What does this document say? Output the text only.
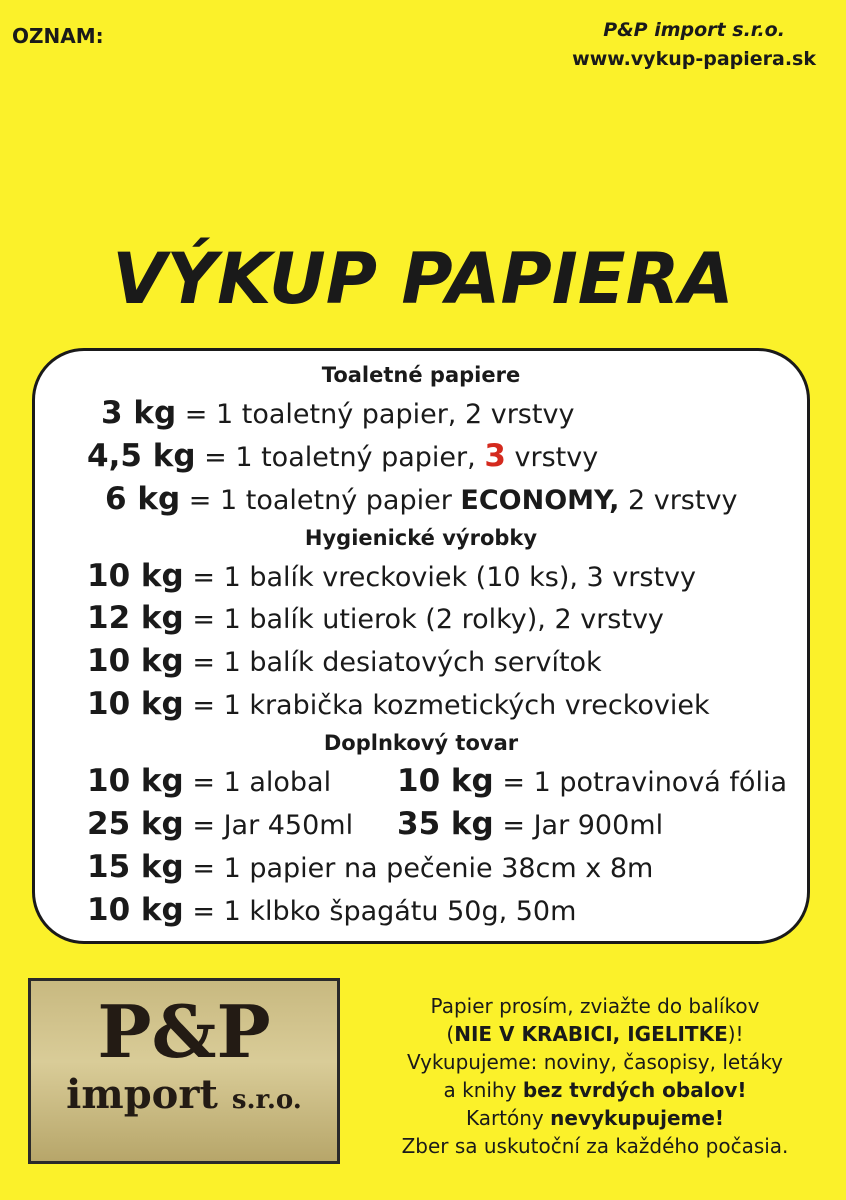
OZNAM:	P&P import s.r.o.
www.vykup-papiera.sk
VÝKUP PAPIERA
Toaletné papiere
3 kg = 1 toaletný papier, 2 vrstvy
4,5 kg = 1 toaletný papier, 3 vrstvy
6 kg = 1 toaletný papier ECONOMY, 2 vrstvy
Hygienické výrobky
10 kg = 1 balík vreckoviek (10 ks), 3 vrstvy
12 kg = 1 balík utierok (2 rolky), 2 vrstvy
10 kg = 1 balík desiatových servítok
10 kg = 1 krabička kozmetických vreckoviek
Doplnkový tovar
10 kg = 1 alobal 10 kg = 1 potravinová fólia
25 kg = Jar 450ml 35 kg = Jar 900ml
15 kg = 1 papier na pečenie 38cm x 8m
10 kg = 1 klbko špagátu 50g, 50m
P&P
import s.r.o.
Papier prosím, zviažte do balíkov
(NIE V KRABICI, IGELITKE)!
Vykupujeme: noviny, časopisy, letáky
a knihy bez tvrdých obalov!
Kartóny nevykupujeme!
Zber sa uskutoční za každého počasia.
